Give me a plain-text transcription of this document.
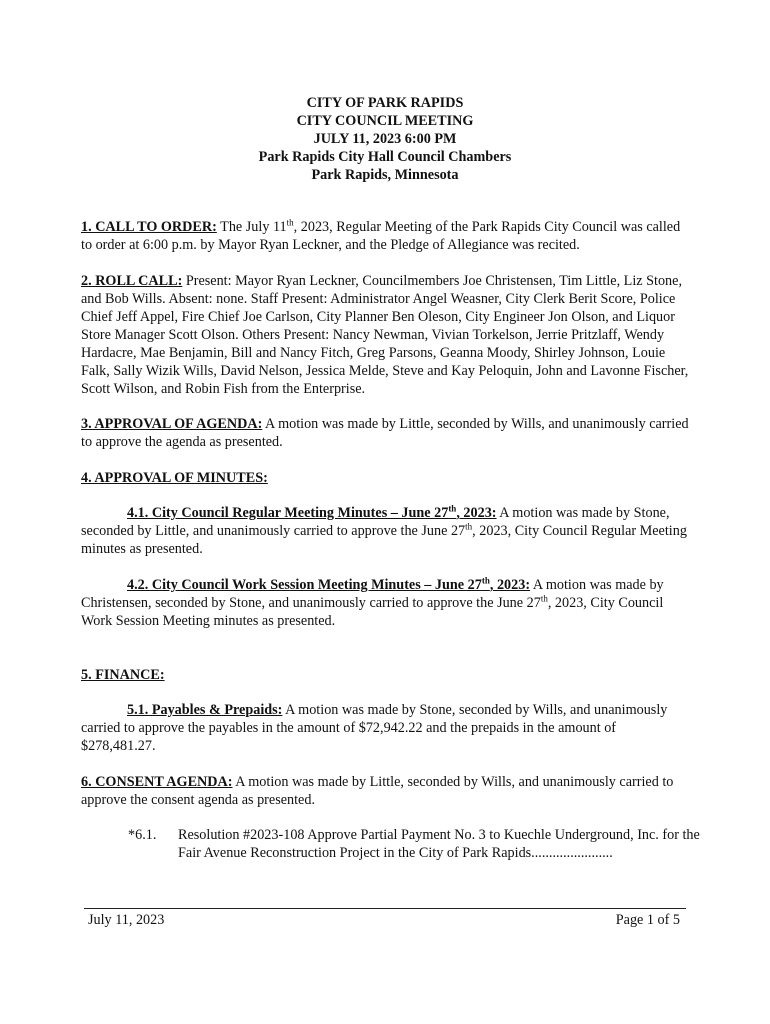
CITY OF PARK RAPIDS
CITY COUNCIL MEETING
JULY 11, 2023 6:00 PM
Park Rapids City Hall Council Chambers
Park Rapids, Minnesota
1. CALL TO ORDER: The July 11th, 2023, Regular Meeting of the Park Rapids City Council was called to order at 6:00 p.m. by Mayor Ryan Leckner, and the Pledge of Allegiance was recited.
2. ROLL CALL: Present: Mayor Ryan Leckner, Councilmembers Joe Christensen, Tim Little, Liz Stone, and Bob Wills. Absent: none. Staff Present: Administrator Angel Weasner, City Clerk Berit Score, Police Chief Jeff Appel, Fire Chief Joe Carlson, City Planner Ben Oleson, City Engineer Jon Olson, and Liquor Store Manager Scott Olson. Others Present: Nancy Newman, Vivian Torkelson, Jerrie Pritzlaff, Wendy Hardacre, Mae Benjamin, Bill and Nancy Fitch, Greg Parsons, Geanna Moody, Shirley Johnson, Louie Falk, Sally Wizik Wills, David Nelson, Jessica Melde, Steve and Kay Peloquin, John and Lavonne Fischer, Scott Wilson, and Robin Fish from the Enterprise.
3. APPROVAL OF AGENDA: A motion was made by Little, seconded by Wills, and unanimously carried to approve the agenda as presented.
4. APPROVAL OF MINUTES:
4.1. City Council Regular Meeting Minutes – June 27th, 2023: A motion was made by Stone, seconded by Little, and unanimously carried to approve the June 27th, 2023, City Council Regular Meeting minutes as presented.
4.2. City Council Work Session Meeting Minutes – June 27th, 2023: A motion was made by Christensen, seconded by Stone, and unanimously carried to approve the June 27th, 2023, City Council Work Session Meeting minutes as presented.
5. FINANCE:
5.1. Payables & Prepaids: A motion was made by Stone, seconded by Wills, and unanimously carried to approve the payables in the amount of $72,942.22 and the prepaids in the amount of $278,481.27.
6. CONSENT AGENDA: A motion was made by Little, seconded by Wills, and unanimously carried to approve the consent agenda as presented.
*6.1. Resolution #2023-108 Approve Partial Payment No. 3 to Kuechle Underground, Inc. for the Fair Avenue Reconstruction Project in the City of Park Rapids.......................
July 11, 2023	Page 1 of 5
